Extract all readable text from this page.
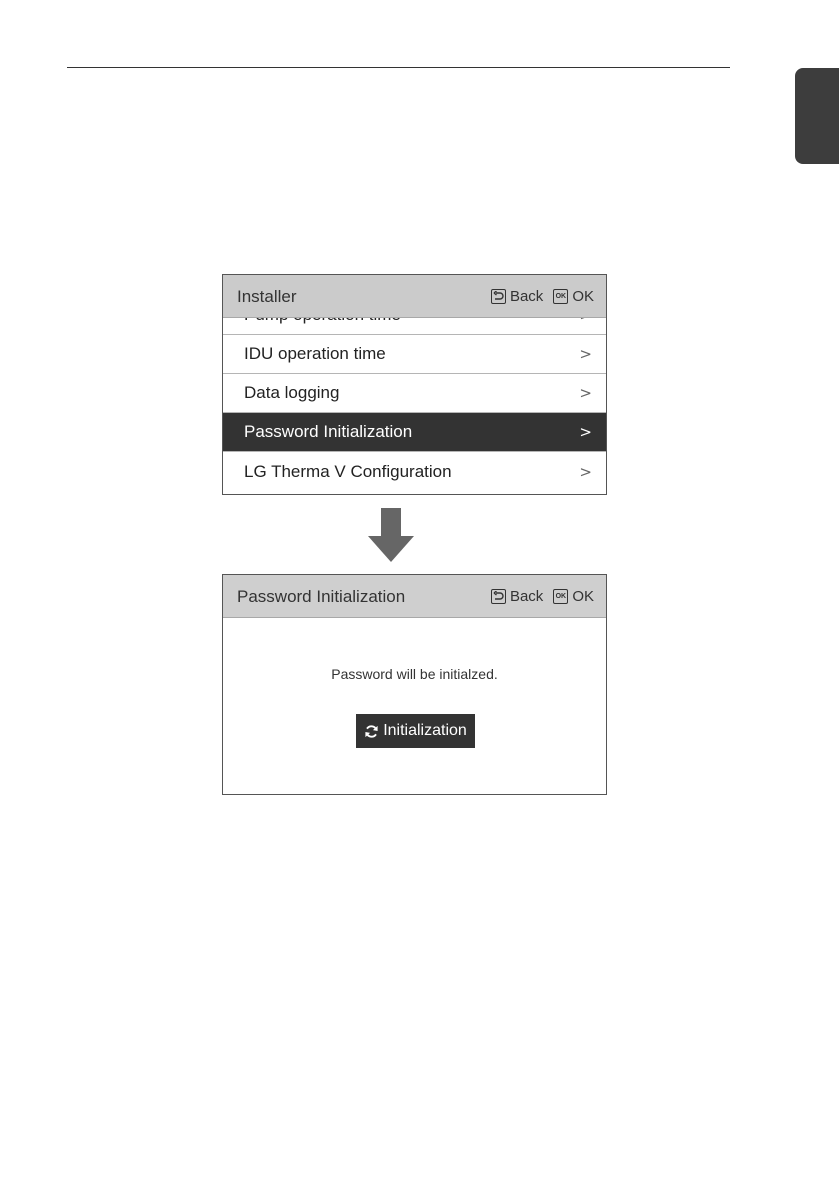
Installer	Back	OK OK
IDU operation time	>
Data logging	>
Password Initialization	>
LG Therma V Configuration	>
Password Initialization	Back	OK OK
Password will be initialzed.
Initialization
